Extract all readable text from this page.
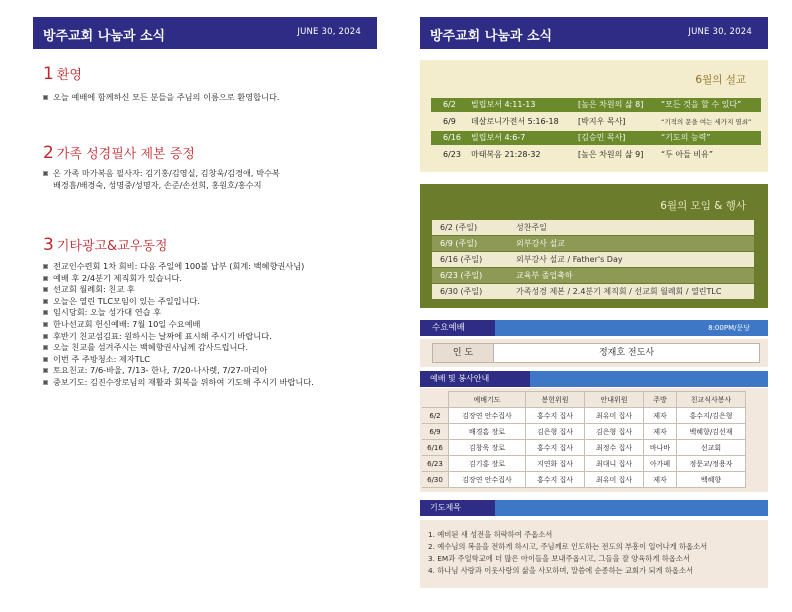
방주교회 나눔과 소식	JUNE 30, 2024
1 환영
오늘 예배에 함께하신 모든 분들을 주님의 이름으로 환영합니다.
2 가족 성경필사 제본 증정
온 가족 마가복음 필사자: 김기홍/김영실, 김창욱/김경애, 박수복
배경흠/배경숙, 성명중/성명자, 손준/손선희, 홍원호/홍수지
3 기타광고&교우동정
전교인수련회 1차 회비: 다음 주일에 100불 납부 (회계: 백혜향권사님)
예배 후 2/4분기 제직회가 있습니다.
선교회 월례회: 친교 후
오늘은 열린 TLC모임이 있는 주일입니다.
임시당회: 오늘 성가대 연습 후
한나선교회 헌신예배: 7월 10일 수요예배
후반기 친교섬김표: 원하시는 날짜에 표시해 주시기 바랍니다.
오늘 친교를 섬겨주시는 백혜향권사님께 감사드립니다.
이번 주 주방청소: 제자TLC
토요친교: 7/6-바울, 7/13- 한나, 7/20-나사렛, 7/27-마리아
중보기도: 김진수장로님의 재활과 회복을 위하여 기도해 주시기 바랍니다.
방주교회 나눔과 소식	JUNE 30, 2024
6월의 설교
6/2 빌립보서 4:11-13	[높은 차원의 삶 8] “모든 것을 할 수 있다”
6/9 데살로니가전서 5:16-18 [박지우 목사]	“기적의 문을 여는 세가지 열쇠”
6/16 빌립보서 4:6-7	[김승민 목사]	“기도의 능력”
6/23 마태복음 21:28-32	[높은 차원의 삶 9] “두 아들 비유”
6월의 모임 & 행사
6/2 (주일)	성찬주일
6/9 (주일)	외부강사 설교
6/16 (주일)	외부강사 설교 / Father's Day
6/23 (주일)	교육부 졸업축하
6/30 (주일)	가족성경 제본 / 2.4분기 제직회 / 선교회 월례회 / 열린TLC
수요예배	8:00PM/문당
인 도	정재호 전도사
예배 및 봉사안내
	예배기도	봉헌위원	안내위원	주방	친교식사봉사
6/2	김장연 안수집사	홍수지 집사	최유미 집사	제자	홍수지/김은형
6/9	배경흠 장로	김은형 집사	김은형 집사	제자	백혜향/김선재
6/16	김창욱 장로	홍수지 집사	최정수 집사	바나바	선교회
6/23	김기홍 장로	지연화 집사	최대니 집사	아가페	정문교/정용자
6/30	김장연 안수집사	홍수지 집사	최유미 집사	제자	백혜향
기도제목
1. 예비된 새 성전을 허락하여 주옵소서
2. 예수님의 복음을 전하게 하시고, 주님께로 인도하는 전도의 부흥이 일어나게 하옵소서
3. EM과 주일학교에 더 많은 아이들을 보내주옵시고, 그들을 잘 양육하게 하옵소서
4. 하나님 사랑과 이웃사랑의 삶을 사모하며, 말씀에 순종하는 교회가 되게 하옵소서
